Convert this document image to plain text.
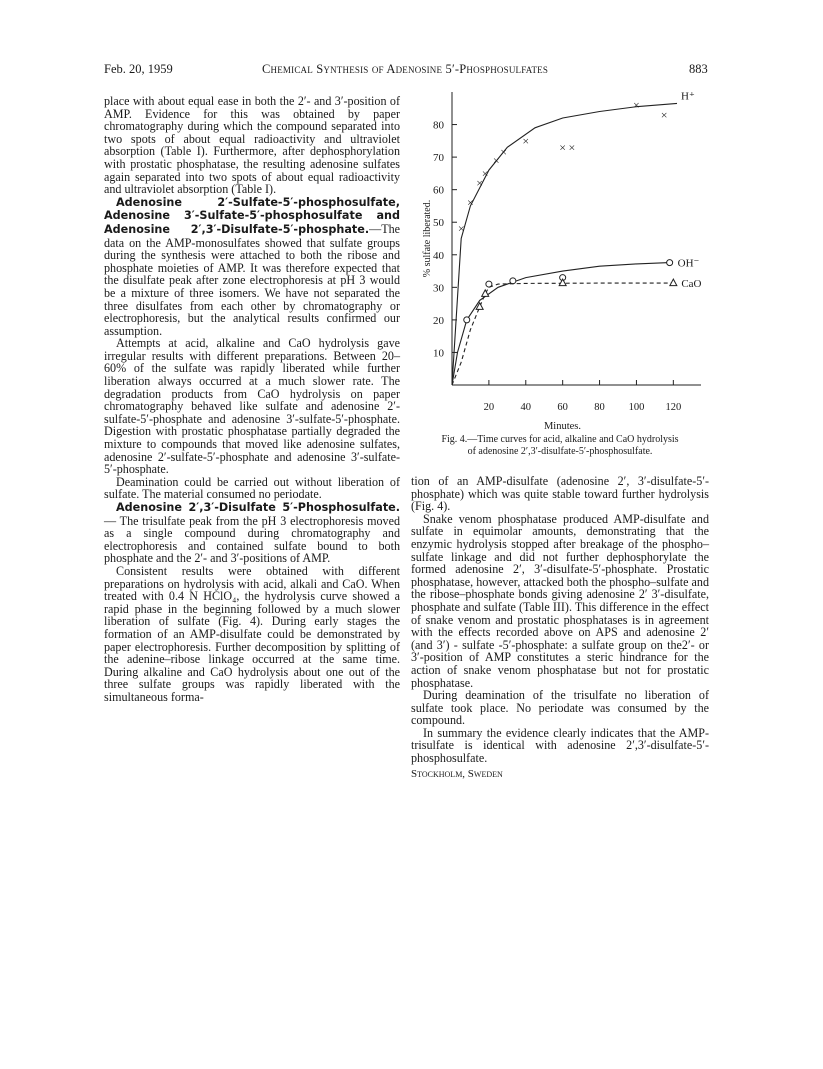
Feb. 20, 1959	Chemical Synthesis of Adenosine 5′-Phosphosulfates	883

place with about equal ease in both the 2′- and 3′-position of AMP. Evidence for this was obtained by paper chromatography during which the compound separated into two spots of about equal radioactivity and ultraviolet absorption (Table I). Furthermore, after dephosphorylation with prostatic phosphatase, the resulting adenosine sulfates again separated into two spots of about equal radioactivity and ultraviolet absorption (Table I).

Adenosine 2′-Sulfate-5′-phosphosulfate, Adenosine 3′-Sulfate-5′-phosphosulfate and Adenosine 2′,3′-Disulfate-5′-phosphate.—The data on the AMP-monosulfates showed that sulfate groups during the synthesis were attached to both the ribose and phosphate moieties of AMP. It was therefore expected that the disulfate peak after zone electrophoresis at pH 3 would be a mixture of three isomers. We have not separated the three disulfates from each other by chromatography or electrophoresis, but the analytical results confirmed our assumption.

Attempts at acid, alkaline and CaO hydrolysis gave irregular results with different preparations. Between 20–60% of the sulfate was rapidly liberated while further liberation always occurred at a much slower rate. The degradation products from CaO hydrolysis on paper chromatography behaved like sulfate and adenosine 2′-sulfate-5′-phosphate and adenosine 3′-sulfate-5′-phosphate. Digestion with prostatic phosphatase partially degraded the mixture to compounds that moved like adenosine sulfates, adenosine 2′-sulfate-5′-phosphate and adenosine 3′-sulfate-5′-phosphate.

Deamination could be carried out without liberation of sulfate. The material consumed no periodate.

Adenosine 2′,3′-Disulfate 5′-Phosphosulfate.— The trisulfate peak from the pH 3 electrophoresis moved as a single compound during chromatography and electrophoresis and contained sulfate bound to both phosphate and the 2′- and 3′-positions of AMP.

Consistent results were obtained with different preparations on hydrolysis with acid, alkali and CaO. When treated with 0.4 N HClO₄, the hydrolysis curve showed a rapid phase in the beginning followed by a much slower liberation of sulfate (Fig. 4). During early stages the formation of an AMP-disulfate could be demonstrated by paper electrophoresis. Further decomposition by splitting of the adenine–ribose linkage occurred at the same time. During alkaline and CaO hydrolysis about one out of the three sulfate groups was rapidly liberated with the simultaneous forma-

×
×
×
×
×
×
×	× ×
×
×
10
20
30
40
50
60
70
80
20	40	60	80 100 120
Minutes.
% sulfate liberated.
H⁺
OH⁻
CaO
Fig. 4.—Time curves for acid, alkaline and CaO hydrolysis
of adenosine 2′,3′-disulfate-5′-phosphosulfate.

tion of an AMP-disulfate (adenosine 2′, 3′-disulfate-5′-phosphate) which was quite stable toward further hydrolysis (Fig. 4).

Snake venom phosphatase produced AMP-disulfate and sulfate in equimolar amounts, demonstrating that the enzymic hydrolysis stopped after breakage of the phospho–sulfate linkage and did not further dephosphorylate the formed adenosine 2′, 3′-disulfate-5′-phosphate. Prostatic phosphatase, however, attacked both the phospho–sulfate and the ribose–phosphate bonds giving adenosine 2′ 3′-disulfate, phosphate and sulfate (Table III). This difference in the effect of snake venom and prostatic phosphatases is in agreement with the effects recorded above on APS and adenosine 2′ (and 3′) - sulfate -5′-phosphate: a sulfate group on the2′- or 3′-position of AMP constitutes a steric hindrance for the action of snake venom phosphatase but not for prostatic phosphatase.

During deamination of the trisulfate no liberation of sulfate took place. No periodate was consumed by the compound.

In summary the evidence clearly indicates that the AMP-trisulfate is identical with adenosine 2′,3′-disulfate-5′-phosphosulfate.

Stockholm, Sweden
